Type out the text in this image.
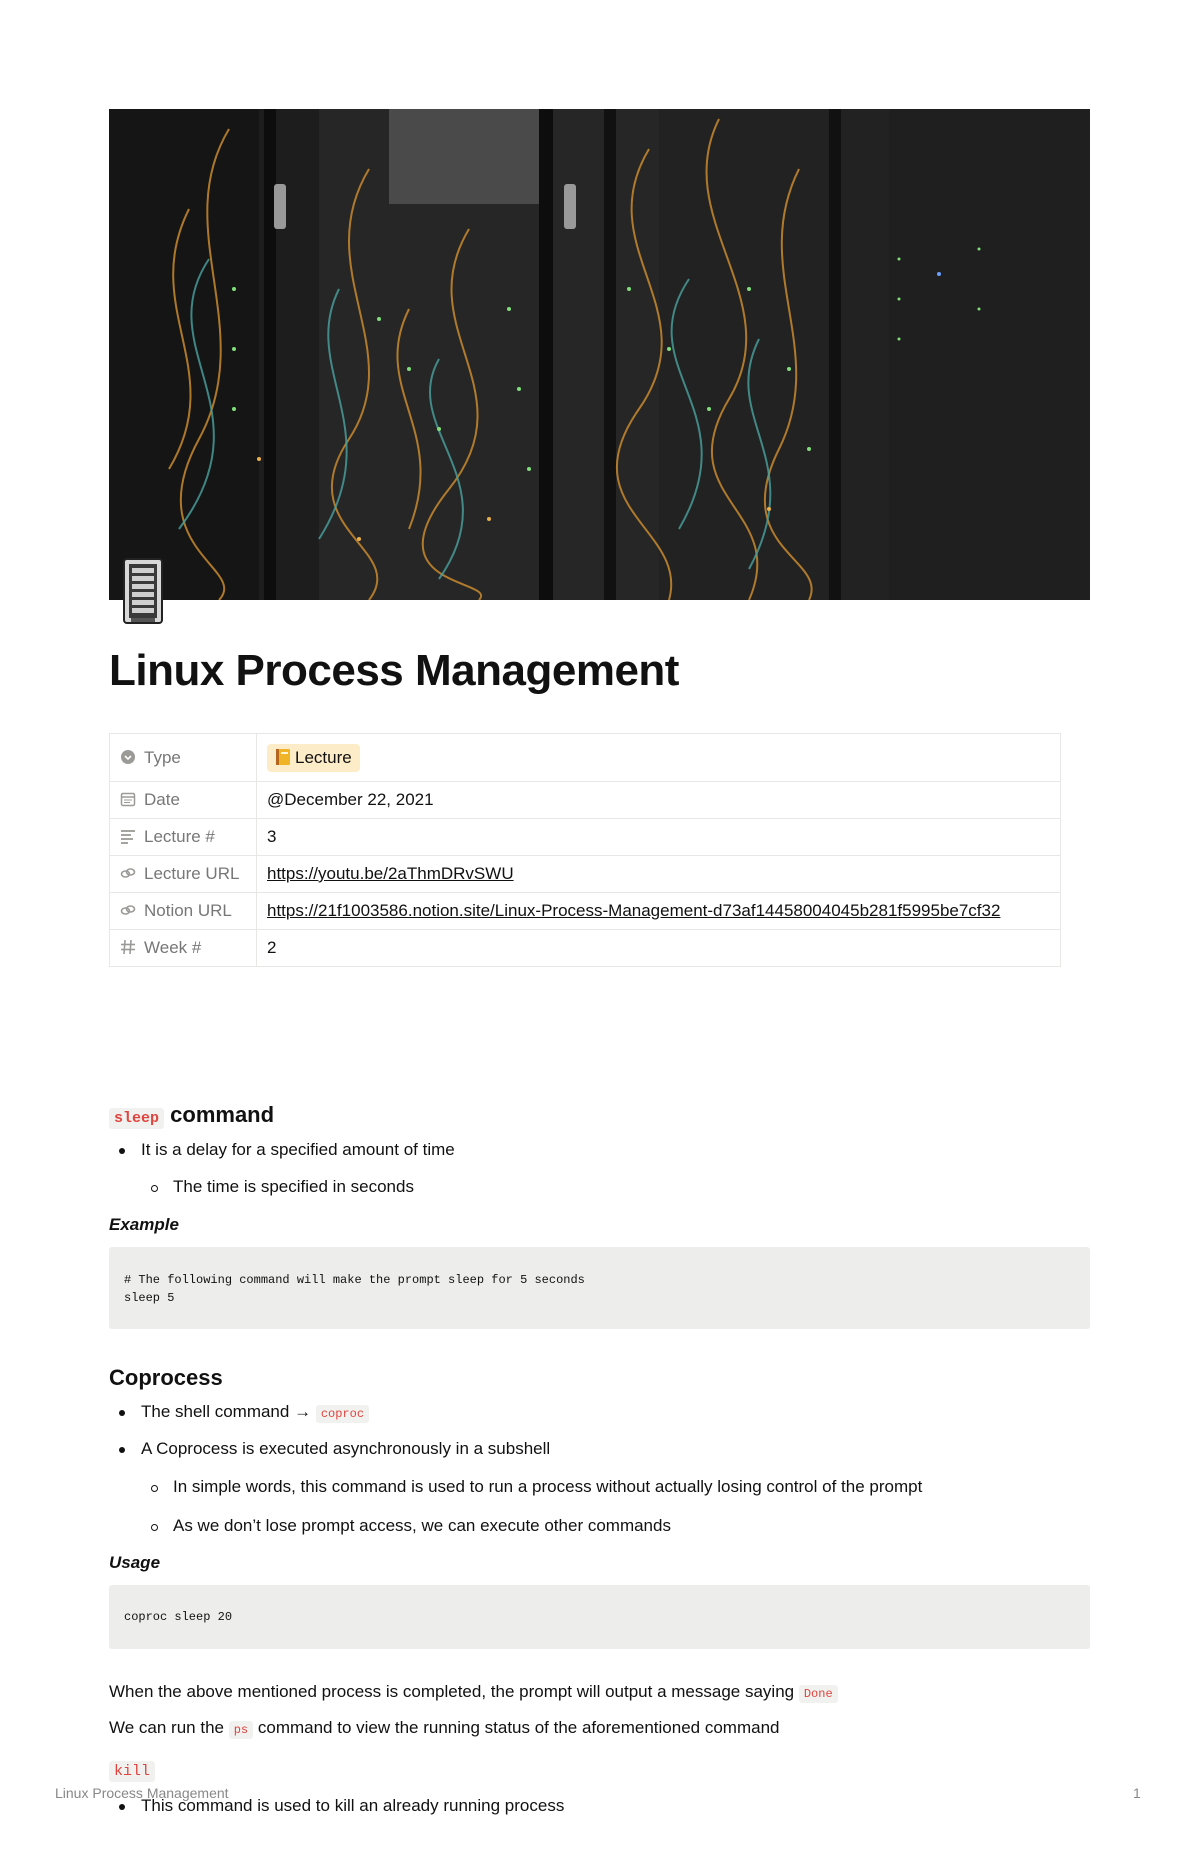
Linux Process Management
Type	Lecture
Date	@December 22, 2021
Lecture #	3
Lecture URL	https://youtu.be/2aThmDRvSWU
Notion URL	https://21f1003586.notion.site/Linux-Process-Management-d73af14458004045b281f5995be7cf32
Week #	2
sleep command
It is a delay for a specified amount of time
The time is specified in seconds
Example
# The following command will make the prompt sleep for 5 seconds
sleep 5
Coprocess
The shell command → coproc
A Coprocess is executed asynchronously in a subshell
In simple words, this command is used to run a process without actually losing control of the prompt
As we don’t lose prompt access, we can execute other commands
Usage
coproc sleep 20

When the above mentioned process is completed, the prompt will output a message saying Done

We can run the ps command to view the running status of the aforementioned command

kill
This command is used to kill an already running process
Linux Process Management	1
